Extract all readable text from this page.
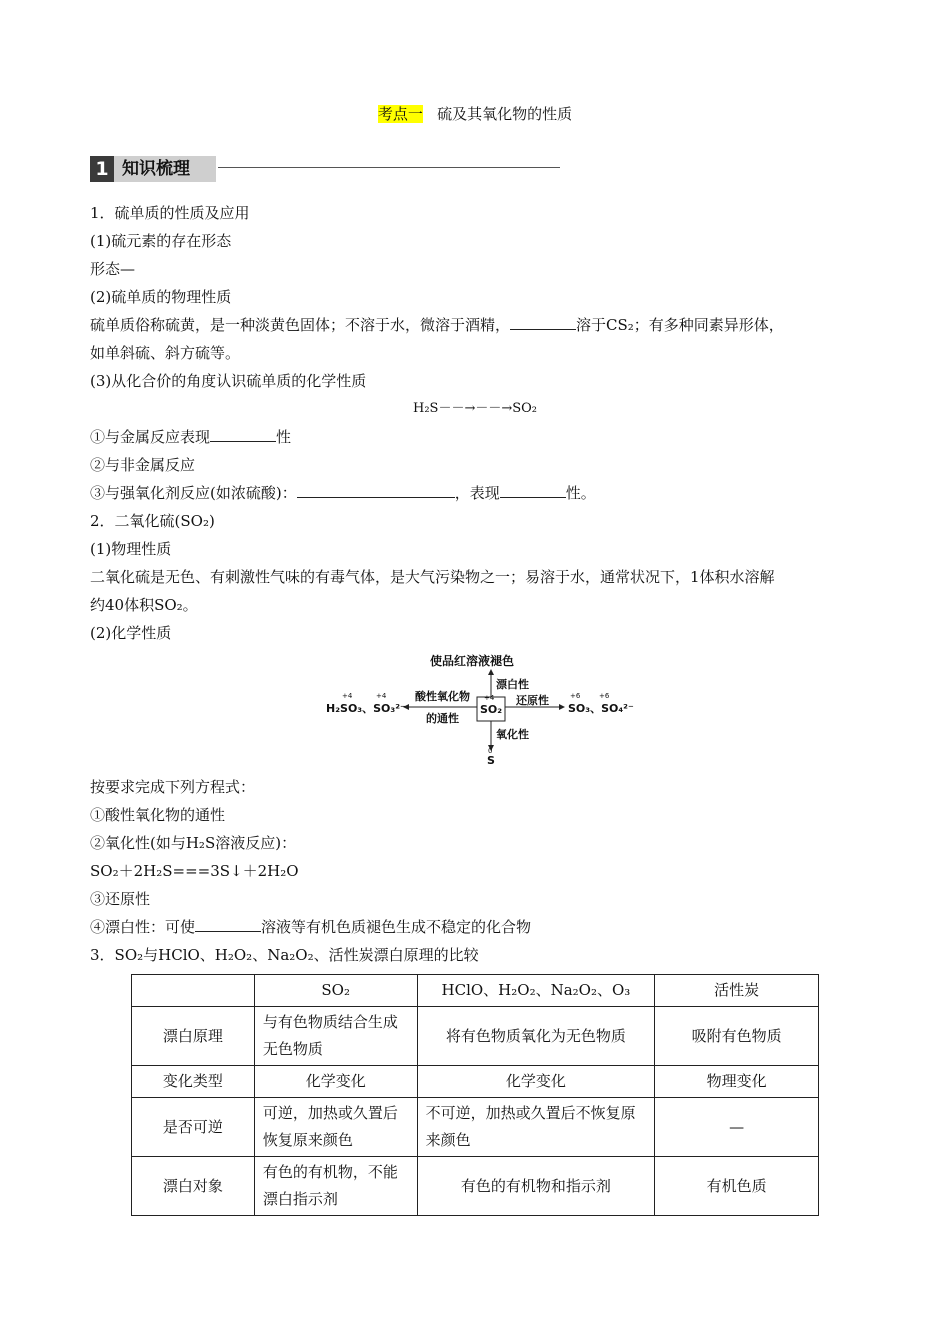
考点一 硫及其氧化物的性质
1 知识梳理
1．硫单质的性质及应用
(1)硫元素的存在形态
形态—
(2)硫单质的物理性质
硫单质俗称硫黄，是一种淡黄色固体；不溶于水，微溶于酒精，	溶于CS₂；有多种同素异形体，
如单斜硫、斜方硫等。
(3)从化合价的角度认识硫单质的化学性质
H₂S－－→－－→SO₂
①与金属反应表现	性
②与非金属反应
③与强氧化剂反应(如浓硫酸)：	，表现	性。
2．二氧化硫(SO₂)
(1)物理性质
二氧化硫是无色、有刺激性气味的有毒气体，是大气污染物之一；易溶于水，通常状况下，1体积水溶解
约40体积SO₂。
(2)化学性质
使品红溶液褪色
漂白性
+4
SO₂
酸性氧化物
的通性
+4	+4
H₂SO₃、SO₃²⁻
还原性	+6	+6
SO₃、SO₄²⁻
氧化性
0
S
按要求完成下列方程式：
①酸性氧化物的通性
②氧化性(如与H₂S溶液反应)：
SO₂＋2H₂S===3S↓＋2H₂O
③还原性
④漂白性：可使	溶液等有机色质褪色生成不稳定的化合物
3．SO₂与HClO、H₂O₂、Na₂O₂、活性炭漂白原理的比较
	SO₂	HClO、H₂O₂、Na₂O₂、O₃	活性炭
漂白原理	与有色物质结合生成无色物质	将有色物质氧化为无色物质	吸附有色物质
变化类型	化学变化	化学变化	物理变化
是否可逆	可逆，加热或久置后恢复原来颜色	不可逆，加热或久置后不恢复原来颜色	—
漂白对象	有色的有机物，不能漂白指示剂	有色的有机物和指示剂	有机色质
